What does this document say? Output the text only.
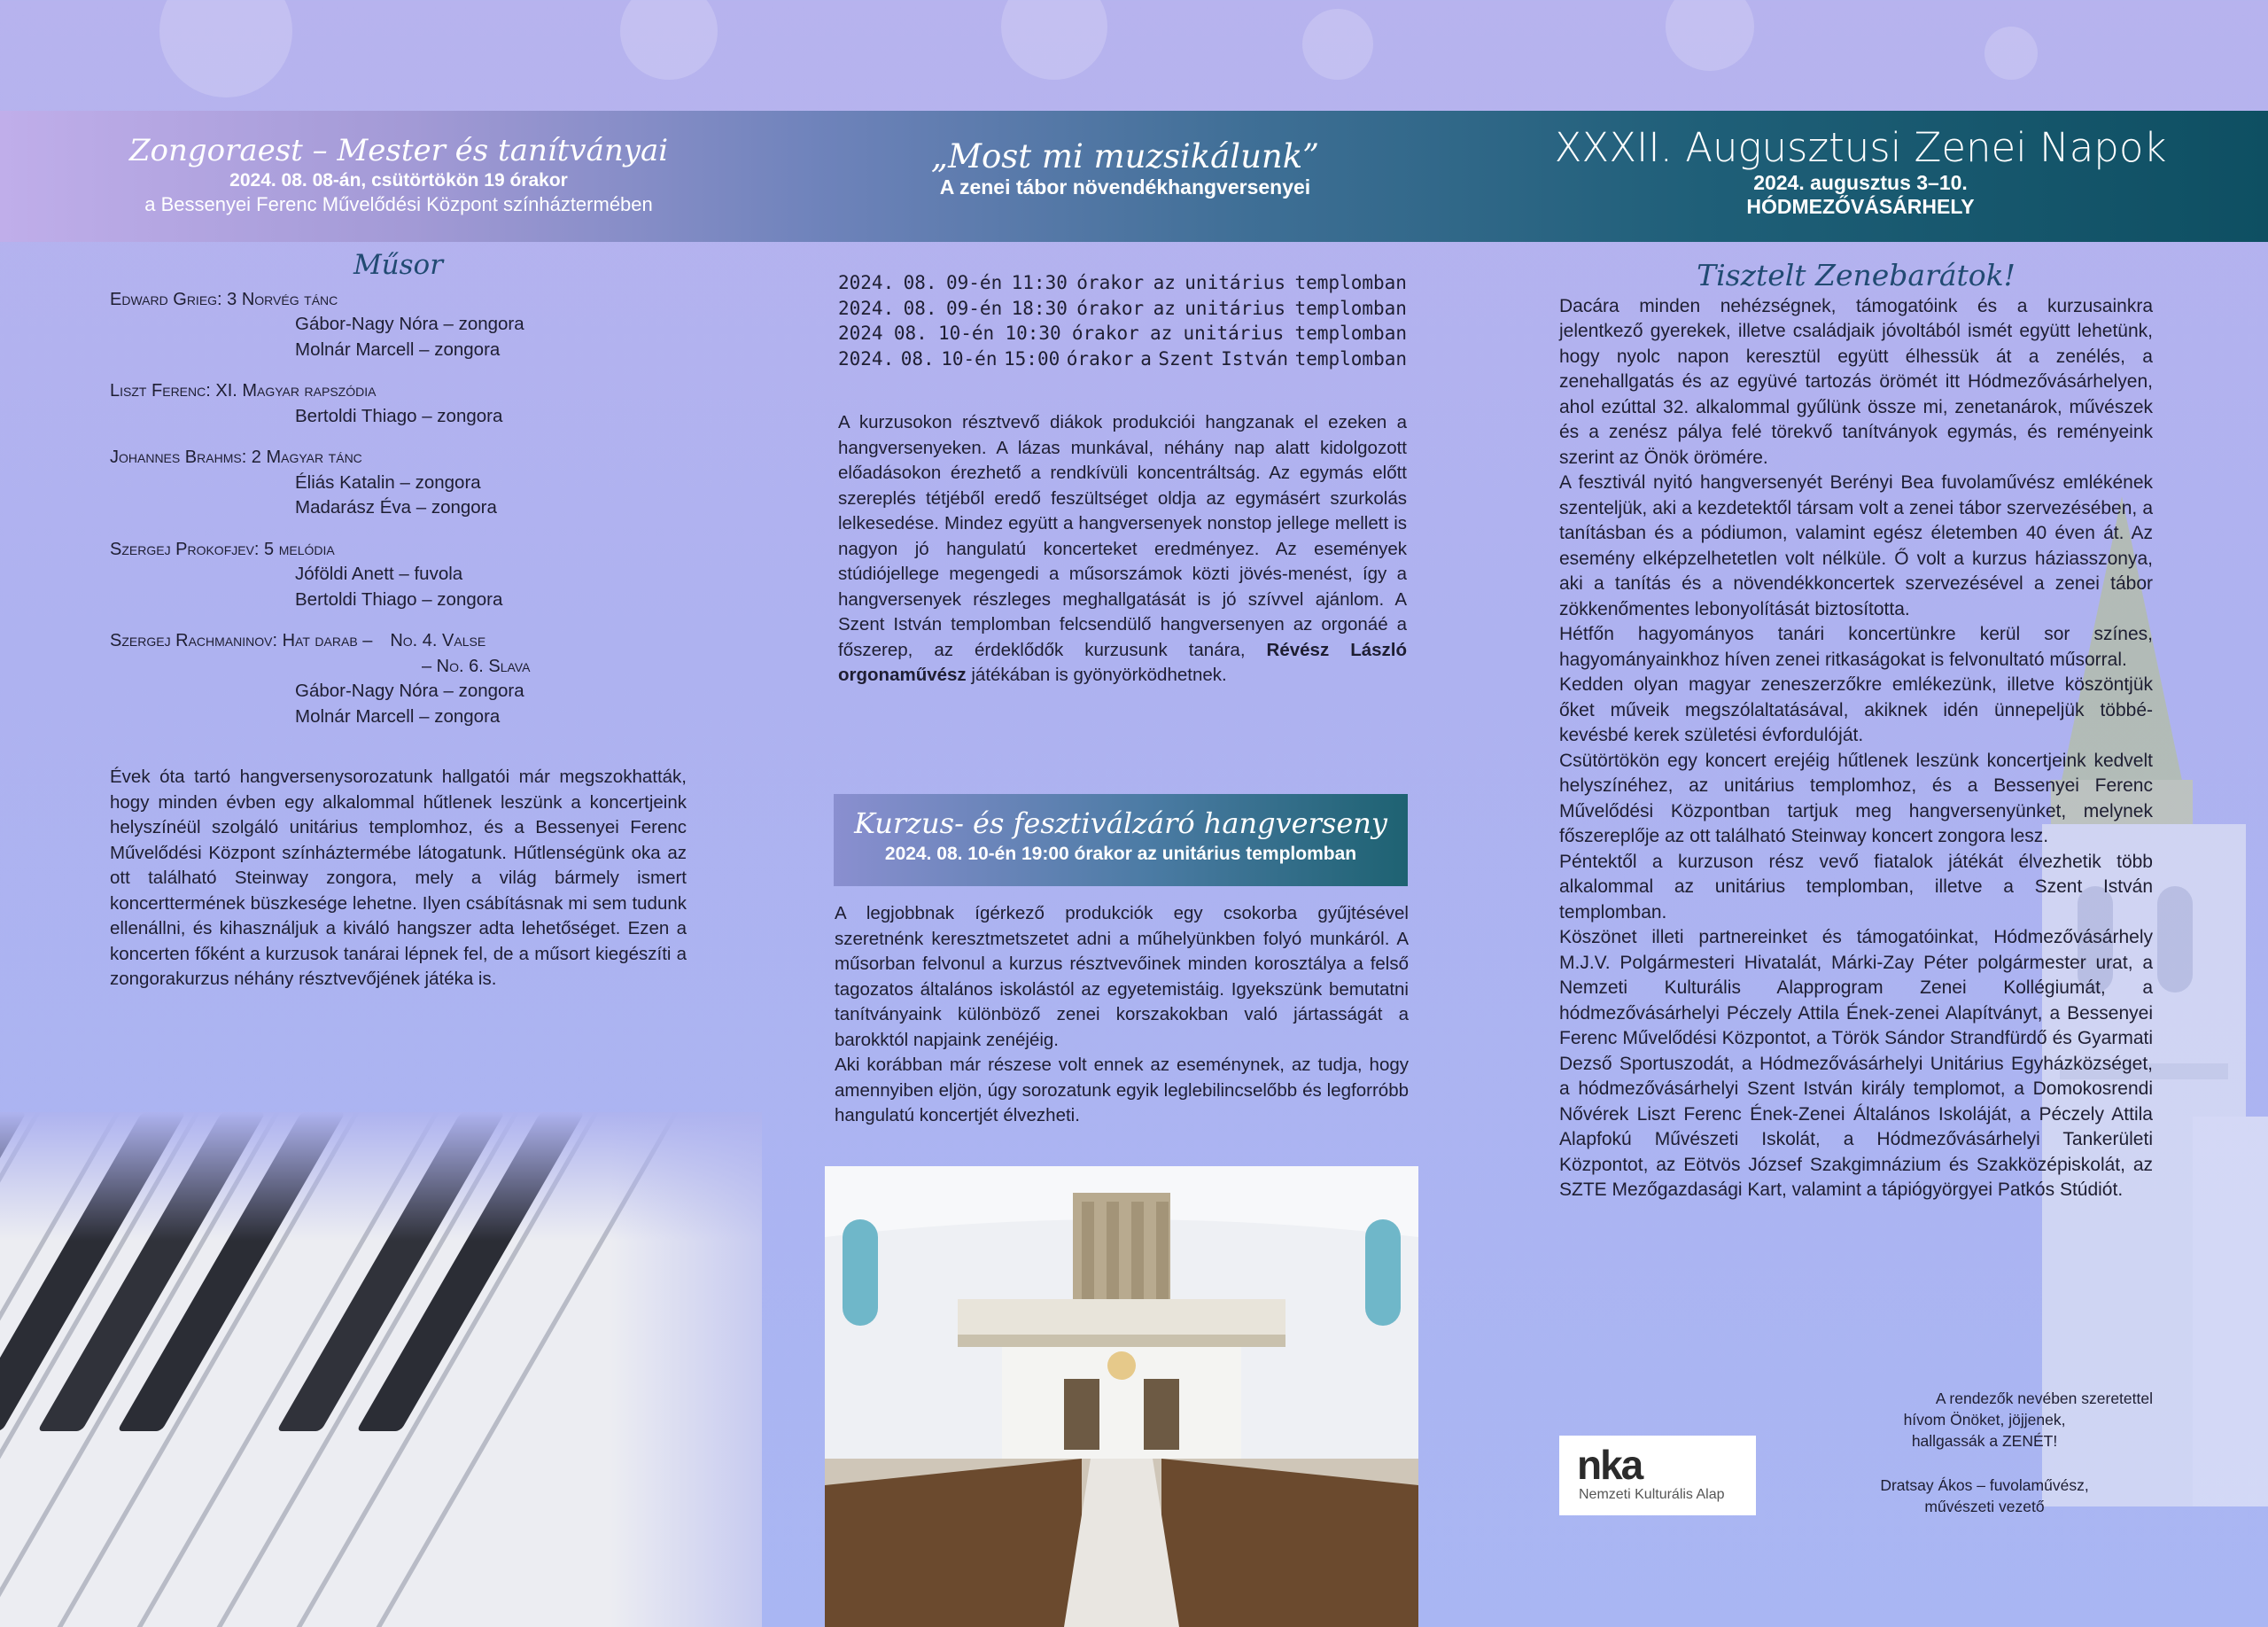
Zongoraest – Mester és tanítványai
2024. 08. 08-án, csütörtökön 19 órakor
a Bessenyei Ferenc Művelődési Központ színháztermében
„Most mi muzsikálunk”
A zenei tábor növendékhangversenyei
XXXII. Augusztusi Zenei Napok
2024. augusztus 3–10.
HÓDMEZŐVÁSÁRHELY
Műsor
Edward Grieg: 3 Norvég tánc
Gábor-Nagy Nóra – zongora
Molnár Marcell – zongora
Liszt Ferenc: XI. Magyar rapszódia
Bertoldi Thiago – zongora
Johannes Brahms: 2 Magyar tánc
Éliás Katalin – zongora
Madarász Éva – zongora
Szergej Prokofjev: 5 melódia
Jóföldi Anett – fuvola
Bertoldi Thiago – zongora
Szergej Rachmaninov: Hat darab – No. 4. Valse
– No. 6. Slava
Gábor-Nagy Nóra – zongora
Molnár Marcell – zongora

Évek óta tartó hangversenysorozatunk hallgatói már megszokhatták, hogy minden évben egy alkalommal hűtlenek leszünk a koncertjeink helyszínéül szolgáló unitárius templomhoz, és a Bessenyei Ferenc Művelődési Központ színháztermébe látogatunk. Hűtlenségünk oka az ott található Steinway zongora, mely a világ bármely ismert koncerttermének büszkesége lehetne. Ilyen csábításnak mi sem tudunk ellenállni, és kihasználjuk a kiváló hangszer adta lehetőséget. Ezen a koncerten főként a kurzusok tanárai lépnek fel, de a műsort kiegészíti a zongorakurzus néhány résztvevőjének játéka is.

2024. 08. 09-én 11:30 órakor az unitárius templomban
2024. 08. 09-én 18:30 órakor az unitárius templomban
2024 08. 10-én 10:30 órakor az unitárius templomban
2024. 08. 10-én 15:00 órakor a Szent István templomban

A kurzusokon résztvevő diákok produkciói hangzanak el ezeken a hangversenyeken. A lázas munkával, néhány nap alatt kidolgozott előadásokon érezhető a rendkívüli koncentráltság. Az egymás előtt szereplés tétjéből eredő feszültséget oldja az egymásért szurkolás lelkesedése. Mindez együtt a hangversenyek nonstop jellege mellett is nagyon jó hangulatú koncerteket eredményez. Az események stúdiójellege megengedi a műsorszámok közti jövés-menést, így a hangversenyek részleges meghallgatását is jó szívvel ajánlom. A Szent István templomban felcsendülő hangversenyen az orgonáé a főszerep, az érdeklődők kurzusunk tanára, Révész László orgonaművész játékában is gyönyörködhetnek.

Kurzus- és fesztiválzáró hangverseny
2024. 08. 10-én 19:00 órakor az unitárius templomban

A legjobbnak ígérkező produkciók egy csokorba gyűjtésével szeretnénk keresztmetszetet adni a műhelyünkben folyó munkáról. A műsorban felvonul a kurzus résztvevőinek minden korosztálya a felső tagozatos általános iskolástól az egyetemistáig. Igyekszünk bemutatni tanítványaink különböző zenei korszakokban való jártasságát a barokktól napjaink zenéjéig.

Aki korábban már részese volt ennek az eseménynek, az tudja, hogy amennyiben eljön, úgy sorozatunk egyik leglebilincselőbb és legforróbb hangulatú koncertjét élvezheti.

Tisztelt Zenebarátok!

Dacára minden nehézségnek, támogatóink és a kurzusainkra jelentkező gyerekek, illetve családjaik jóvoltából ismét együtt lehetünk, hogy nyolc napon keresztül együtt élhessük át a zenélés, a zenehallgatás és az együvé tartozás örömét itt Hódmezővásárhelyen, ahol ezúttal 32. alkalommal gyűlünk össze mi, zenetanárok, művészek és a zenész pálya felé törekvő tanítványok egymás, és reményeink szerint az Önök örömére.

A fesztivál nyitó hangversenyét Berényi Bea fuvolaművész emlékének szenteljük, aki a kezdetektől társam volt a zenei tábor szervezésében, a tanításban és a pódiumon, valamint egész életemben 40 éven át. Az esemény elképzelhetetlen volt nélküle. Ő volt a kurzus háziasszonya, aki a tanítás és a növendékkoncertek szervezésével a zenei tábor zökkenőmentes lebonyolítását biztosította.

Hétfőn hagyományos tanári koncertünkre kerül sor színes, hagyományainkhoz híven zenei ritkaságokat is felvonultató műsorral.

Kedden olyan magyar zeneszerzőkre emlékezünk, illetve köszöntjük őket műveik megszólaltatásával, akiknek idén ünnepeljük többé-kevésbé kerek születési évfordulóját.

Csütörtökön egy koncert erejéig hűtlenek leszünk koncertjeink kedvelt helyszínéhez, az unitárius templomhoz, és a Bessenyei Ferenc Művelődési Központban tartjuk meg hangversenyünket, melynek főszereplője az ott található Steinway koncert zongora lesz.

Péntektől a kurzuson rész vevő fiatalok játékát élvezhetik több alkalommal az unitárius templomban, illetve a Szent István templomban.

Köszönet illeti partnereinket és támogatóinkat, Hódmezővásárhely M.J.V. Polgármesteri Hivatalát, Márki-Zay Péter polgármester urat, a Nemzeti Kulturális Alapprogram Zenei Kollégiumát, a hódmezővásárhelyi Péczely Attila Ének-zenei Alapítványt, a Bessenyei Ferenc Művelődési Központot, a Török Sándor Strandfürdő és Gyarmati Dezső Sportuszodát, a Hódmezővásárhelyi Unitárius Egyházközséget, a hódmezővásárhelyi Szent István király templomot, a Domokosrendi Nővérek Liszt Ferenc Ének-Zenei Általános Iskoláját, a Péczely Attila Alapfokú Művészeti Iskolát, a Hódmezővásárhelyi Tankerületi Központot, az Eötvös József Szakgimnázium és Szakközépiskolát, az SZTE Mezőgazdasági Kart, valamint a tápiógyörgyei Patkós Stúdiót.

A rendezők nevében szeretettel
hívom Önöket, jöjjenek,
hallgassák a ZENÉT!
Dratsay Ákos – fuvolaművész,
művészeti vezető
nka
Nemzeti Kulturális Alap
